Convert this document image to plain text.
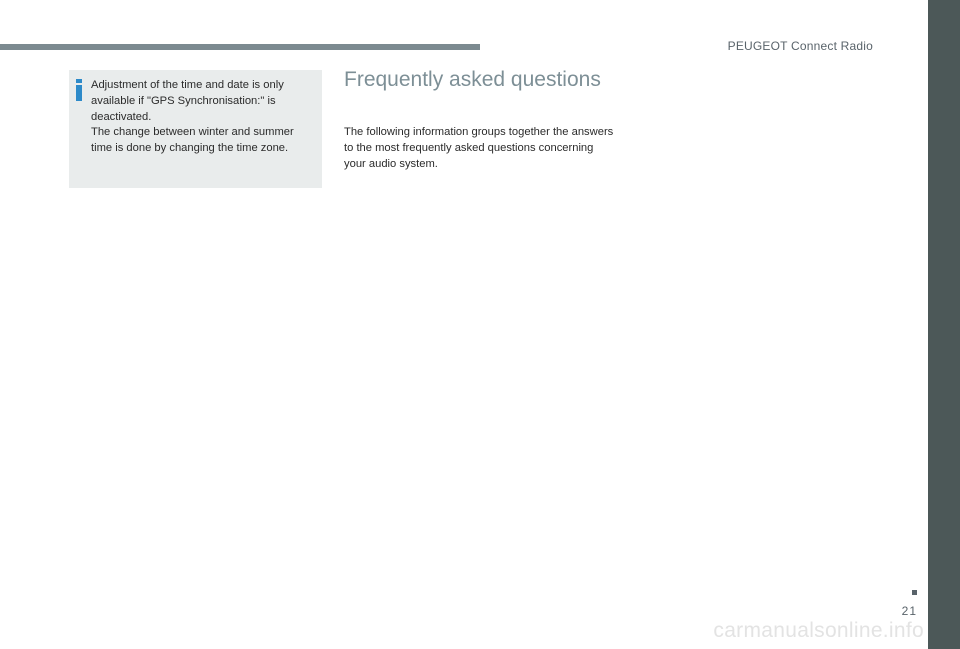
PEUGEOT Connect Radio

Adjustment of the time and date is only available if "GPS Synchronisation:" is deactivated.

The change between winter and summer time is done by changing the time zone.

Frequently asked questions

The following information groups together the answers to the most frequently asked questions concerning your audio system.

21
carmanualsonline.info
